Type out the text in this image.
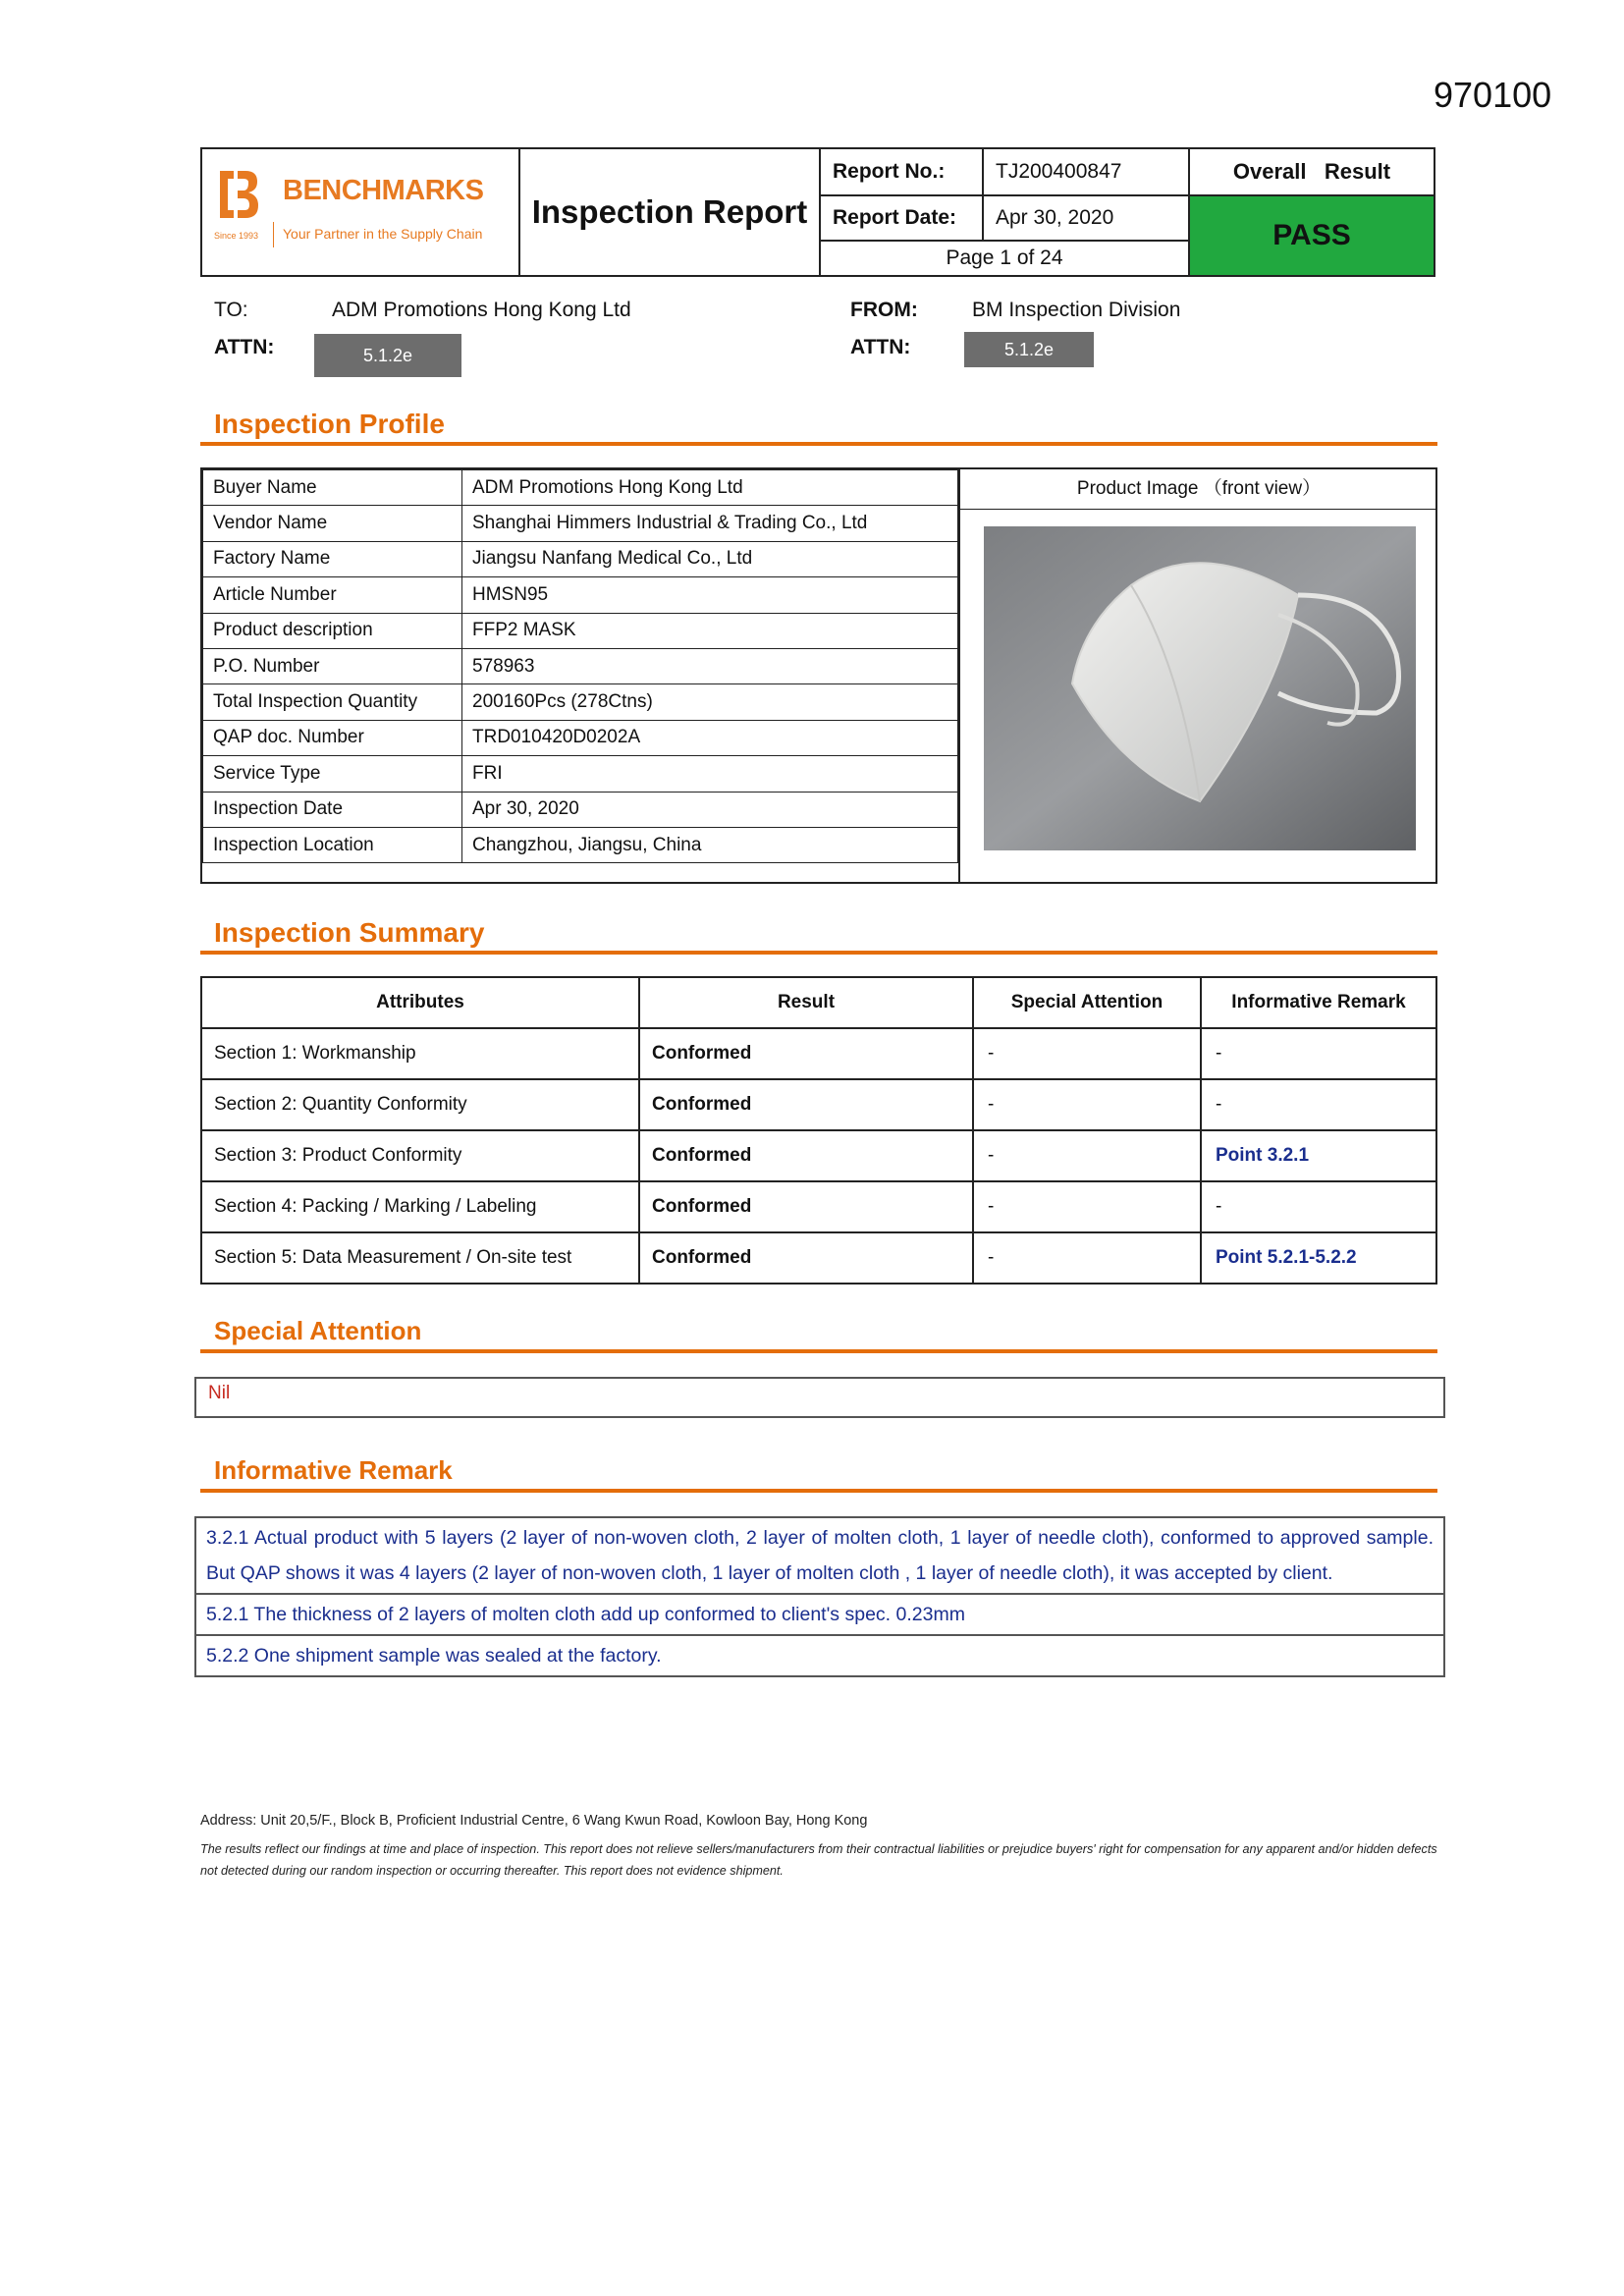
970100
BENCHMARKS
Since 1993 Your Partner in the Supply Chain
Inspection Report
Report No.:	TJ200400847
Report Date:	Apr 30, 2020
Page 1 of 24
Overall   Result
PASS
TO:	ADM Promotions Hong Kong Ltd
ATTN:	5.1.2e
FROM:	BM Inspection Division
ATTN:	5.1.2e
Inspection Profile
Buyer Name	ADM Promotions Hong Kong Ltd
Vendor Name	Shanghai Himmers Industrial & Trading Co., Ltd
Factory Name	Jiangsu Nanfang Medical Co., Ltd
Article Number	HMSN95
Product description	FFP2 MASK
P.O. Number	578963
Total Inspection Quantity	200160Pcs (278Ctns)
QAP doc. Number	TRD010420D0202A
Service Type	FRI
Inspection Date	Apr 30, 2020
Inspection Location	Changzhou, Jiangsu, China
Product Image （front view）
Inspection Summary
Attributes	Result	Special Attention	Informative Remark
Section 1: Workmanship	Conformed	-	-
Section 2: Quantity Conformity	Conformed	-	-
Section 3: Product Conformity	Conformed	-	Point 3.2.1
Section 4: Packing / Marking / Labeling	Conformed	-	-
Section 5: Data Measurement / On-site test	Conformed	-	Point 5.2.1-5.2.2
Special Attention
Nil
Informative Remark
3.2.1 Actual product with 5 layers (2 layer of non-woven cloth, 2 layer of molten cloth, 1 layer of needle cloth), conformed to approved sample. But QAP shows it was 4 layers (2 layer of non-woven cloth, 1 layer of molten cloth , 1 layer of needle cloth), it was accepted by client.
5.2.1 The thickness of 2 layers of molten cloth add up conformed to client's spec. 0.23mm
5.2.2 One shipment sample was sealed at the factory.
Address: Unit 20,5/F., Block B, Proficient Industrial Centre, 6 Wang Kwun Road, Kowloon Bay, Hong Kong
The results reflect our findings at time and place of inspection. This report does not relieve sellers/manufacturers from their contractual liabilities or prejudice buyers' right for compensation for any apparent and/or hidden defects not detected during our random inspection or occurring thereafter. This report does not evidence shipment.
